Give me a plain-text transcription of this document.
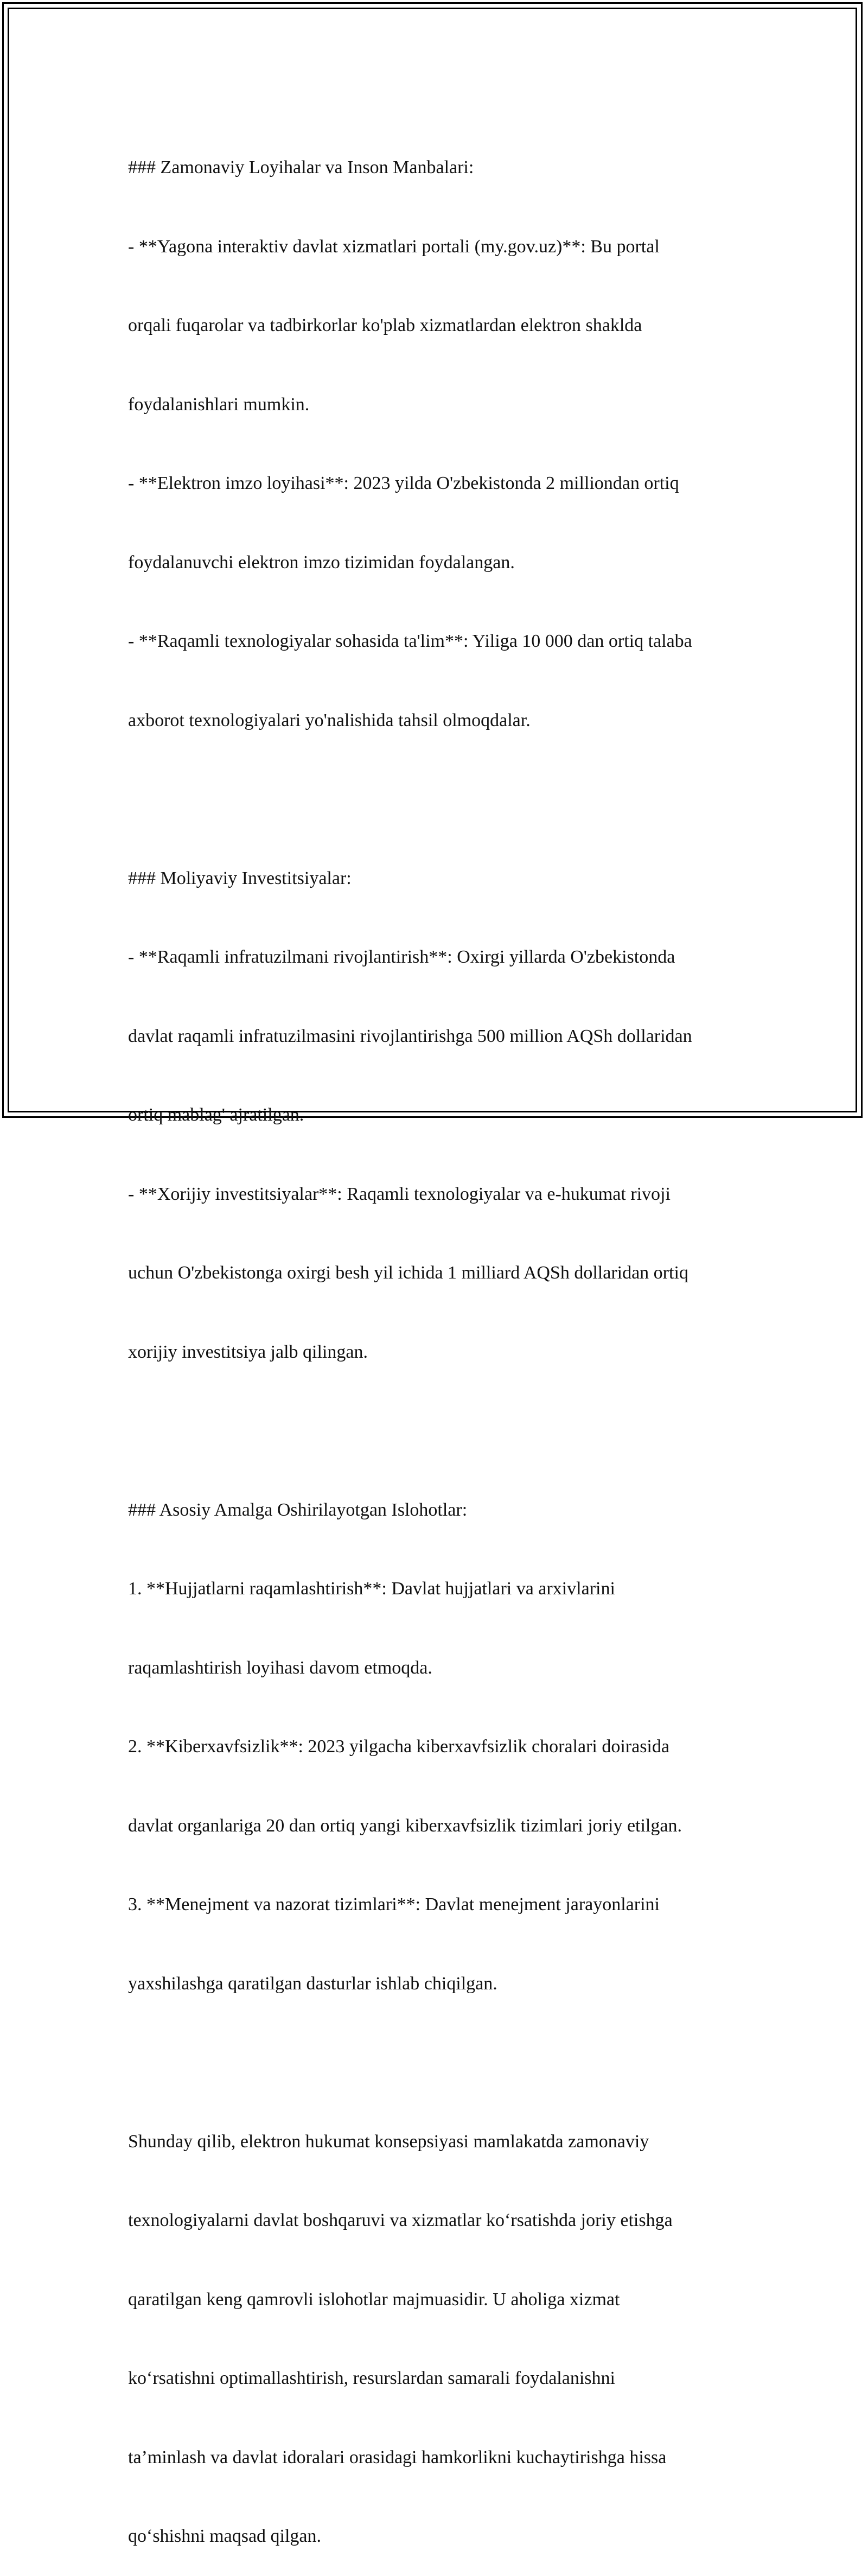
### Zamonaviy Loyihalar va Inson Manbalari:

- **Yagona interaktiv davlat xizmatlari portali (my.gov.uz)**: Bu portal

orqali fuqarolar va tadbirkorlar ko'plab xizmatlardan elektron shaklda

foydalanishlari mumkin.

- **Elektron imzo loyihasi**: 2023 yilda O'zbekistonda 2 milliondan ortiq

foydalanuvchi elektron imzo tizimidan foydalangan.

- **Raqamli texnologiyalar sohasida ta'lim**: Yiliga 10 000 dan ortiq talaba

axborot texnologiyalari yo'nalishida tahsil olmoqdalar.

### Moliyaviy Investitsiyalar:

- **Raqamli infratuzilmani rivojlantirish**: Oxirgi yillarda O'zbekistonda

davlat raqamli infratuzilmasini rivojlantirishga 500 million AQSh dollaridan

ortiq mablag' ajratilgan.

- **Xorijiy investitsiyalar**: Raqamli texnologiyalar va e-hukumat rivoji

uchun O'zbekistonga oxirgi besh yil ichida 1 milliard AQSh dollaridan ortiq

xorijiy investitsiya jalb qilingan.

### Asosiy Amalga Oshirilayotgan Islohotlar:

1. **Hujjatlarni raqamlashtirish**: Davlat hujjatlari va arxivlarini

raqamlashtirish loyihasi davom etmoqda.

2. **Kiberxavfsizlik**: 2023 yilgacha kiberxavfsizlik choralari doirasida

davlat organlariga 20 dan ortiq yangi kiberxavfsizlik tizimlari joriy etilgan.

3. **Menejment va nazorat tizimlari**: Davlat menejment jarayonlarini

yaxshilashga qaratilgan dasturlar ishlab chiqilgan.

Shunday qilib, elektron hukumat konsepsiyasi mamlakatda zamonaviy

texnologiyalarni davlat boshqaruvi va xizmatlar ko‘rsatishda joriy etishga

qaratilgan keng qamrovli islohotlar majmuasidir. U aholiga xizmat

ko‘rsatishni optimallashtirish, resurslardan samarali foydalanishni

ta’minlash va davlat idoralari orasidagi hamkorlikni kuchaytirishga hissa

qo‘shishni maqsad qilgan.
